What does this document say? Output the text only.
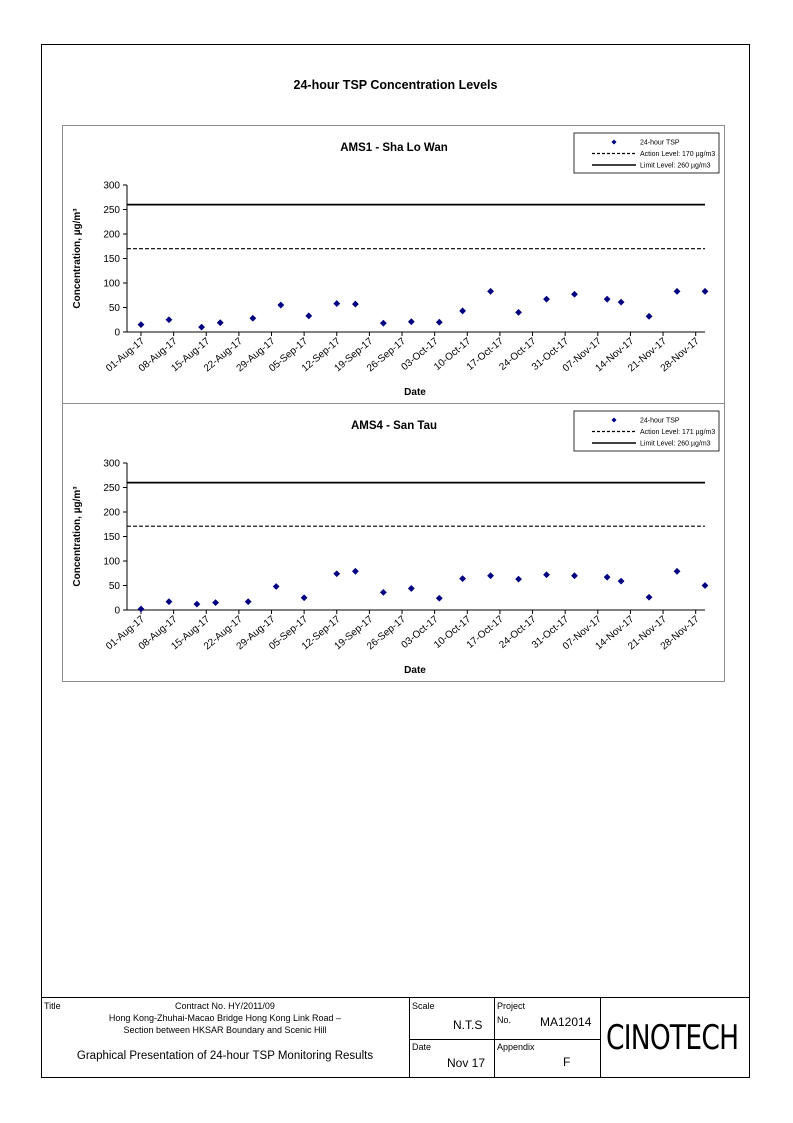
24-hour TSP Concentration Levels
AMS1 - Sha Lo Wan
0
50
100
150
200
250
300
01-Aug-17
08-Aug-17
15-Aug-17
22-Aug-17
29-Aug-17
05-Sep-17
12-Sep-17
19-Sep-17
26-Sep-17
03-Oct-17
10-Oct-17
17-Oct-17
24-Oct-17
31-Oct-17
07-Nov-17
14-Nov-17
21-Nov-17
28-Nov-17
Date
Concentration, µg/m³
24-hour TSP
Action Level: 170 µg/m3
Limit Level: 260 µg/m3
AMS4 - San Tau
0
50
100
150
200
250
300
01-Aug-17
08-Aug-17
15-Aug-17
22-Aug-17
29-Aug-17
05-Sep-17
12-Sep-17
19-Sep-17
26-Sep-17
03-Oct-17
10-Oct-17
17-Oct-17
24-Oct-17
31-Oct-17
07-Nov-17
14-Nov-17
21-Nov-17
28-Nov-17
Date
Concentration, µg/m³
24-hour TSP
Action Level: 171 µg/m3
Limit Level: 260 µg/m3
Title	Contract No. HY/2011/09
Hong Kong-Zhuhai-Macao Bridge Hong Kong Link Road –
Section between HKSAR Boundary and Scenic Hill
Graphical Presentation of 24-hour TSP Monitoring Results
Scale
N.T.S
Date
Nov 17
Project
No. MA12014
Appendix
F
CINOTECH
